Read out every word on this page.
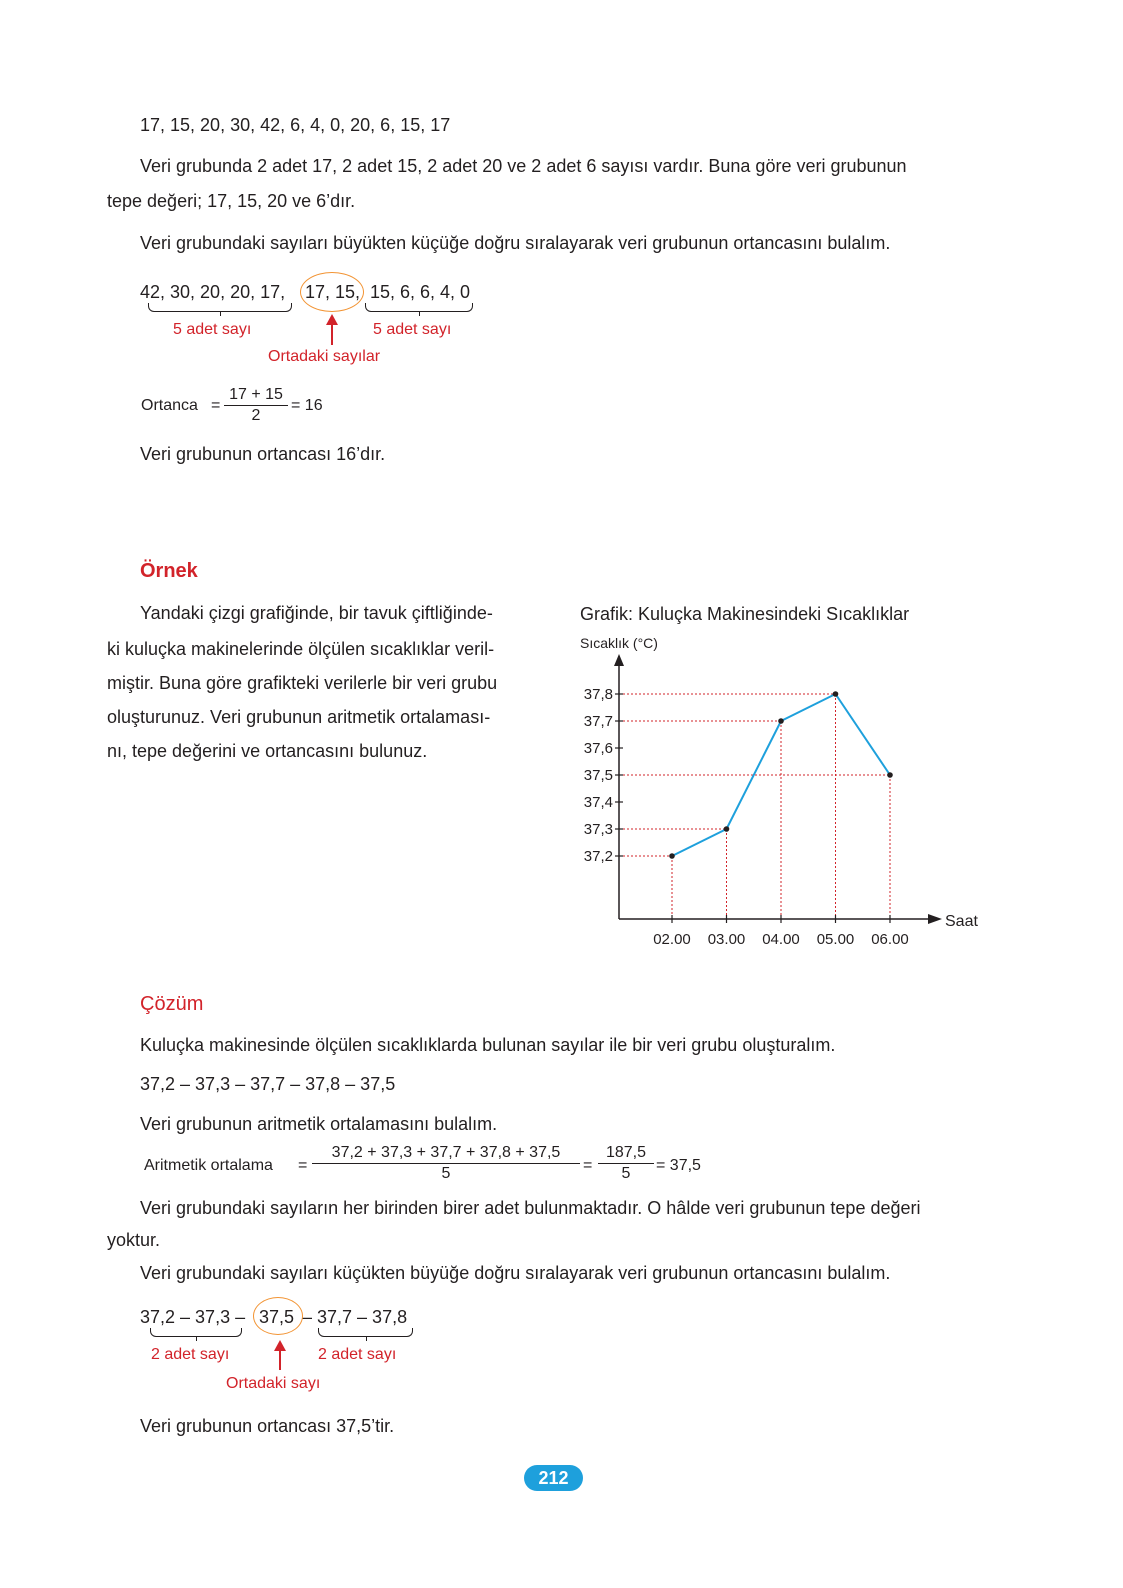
17, 15, 20, 30, 42, 6, 4, 0, 20, 6, 15, 17
Veri grubunda 2 adet 17, 2 adet 15, 2 adet 20 ve 2 adet 6 sayısı vardır. Buna göre veri grubunun
tepe değeri; 17, 15, 20 ve 6’dır.
Veri grubundaki sayıları büyükten küçüğe doğru sıralayarak veri grubunun ortancasını bulalım.
42, 30, 20, 20, 17, 17, 15, 15, 6, 6, 4, 0
5 adet sayı	5 adet sayı
Ortadaki sayılar
Ortanca = $\frac{17 + 15}{2} = 16$
Veri grubunun ortancası 16’dır.
Örnek
Yandaki çizgi grafiğinde, bir tavuk çiftliğinde-
ki kuluçka makinelerinde ölçülen sıcaklıklar veril-
miştir. Buna göre grafikteki verilerle bir veri grubu
oluşturunuz. Veri grubunun aritmetik ortalaması-
nı, tepe değerini ve ortancasını bulunuz.
Grafik: Kuluçka Makinesindeki Sıcaklıklar
Sıcaklık (°C)
37,2
37,3
37,4
37,5
37,6
37,7
37,8
02.00 03.00 04.00 05.00 06.00
Saat
Çözüm
Kuluçka makinesinde ölçülen sıcaklıklarda bulunan sayılar ile bir veri grubu oluşturalım.
37,2 – 37,3 – 37,7 – 37,8 – 37,5
Veri grubunun aritmetik ortalamasını bulalım.
Aritmetik ortalama = $\frac{37,2 + 37,3 + 37,7 + 37,8 + 37,5}{5} = \frac{187,5}{5} = 37,5$
Veri grubundaki sayıların her birinden birer adet bulunmaktadır. O hâlde veri grubunun tepe değeri
yoktur.
Veri grubundaki sayıları küçükten büyüğe doğru sıralayarak veri grubunun ortancasını bulalım.
37,2 – 37,3 – 37,5 – 37,7 – 37,8
2 adet sayı	2 adet sayı
Ortadaki sayı
Veri grubunun ortancası 37,5’tir.
212
